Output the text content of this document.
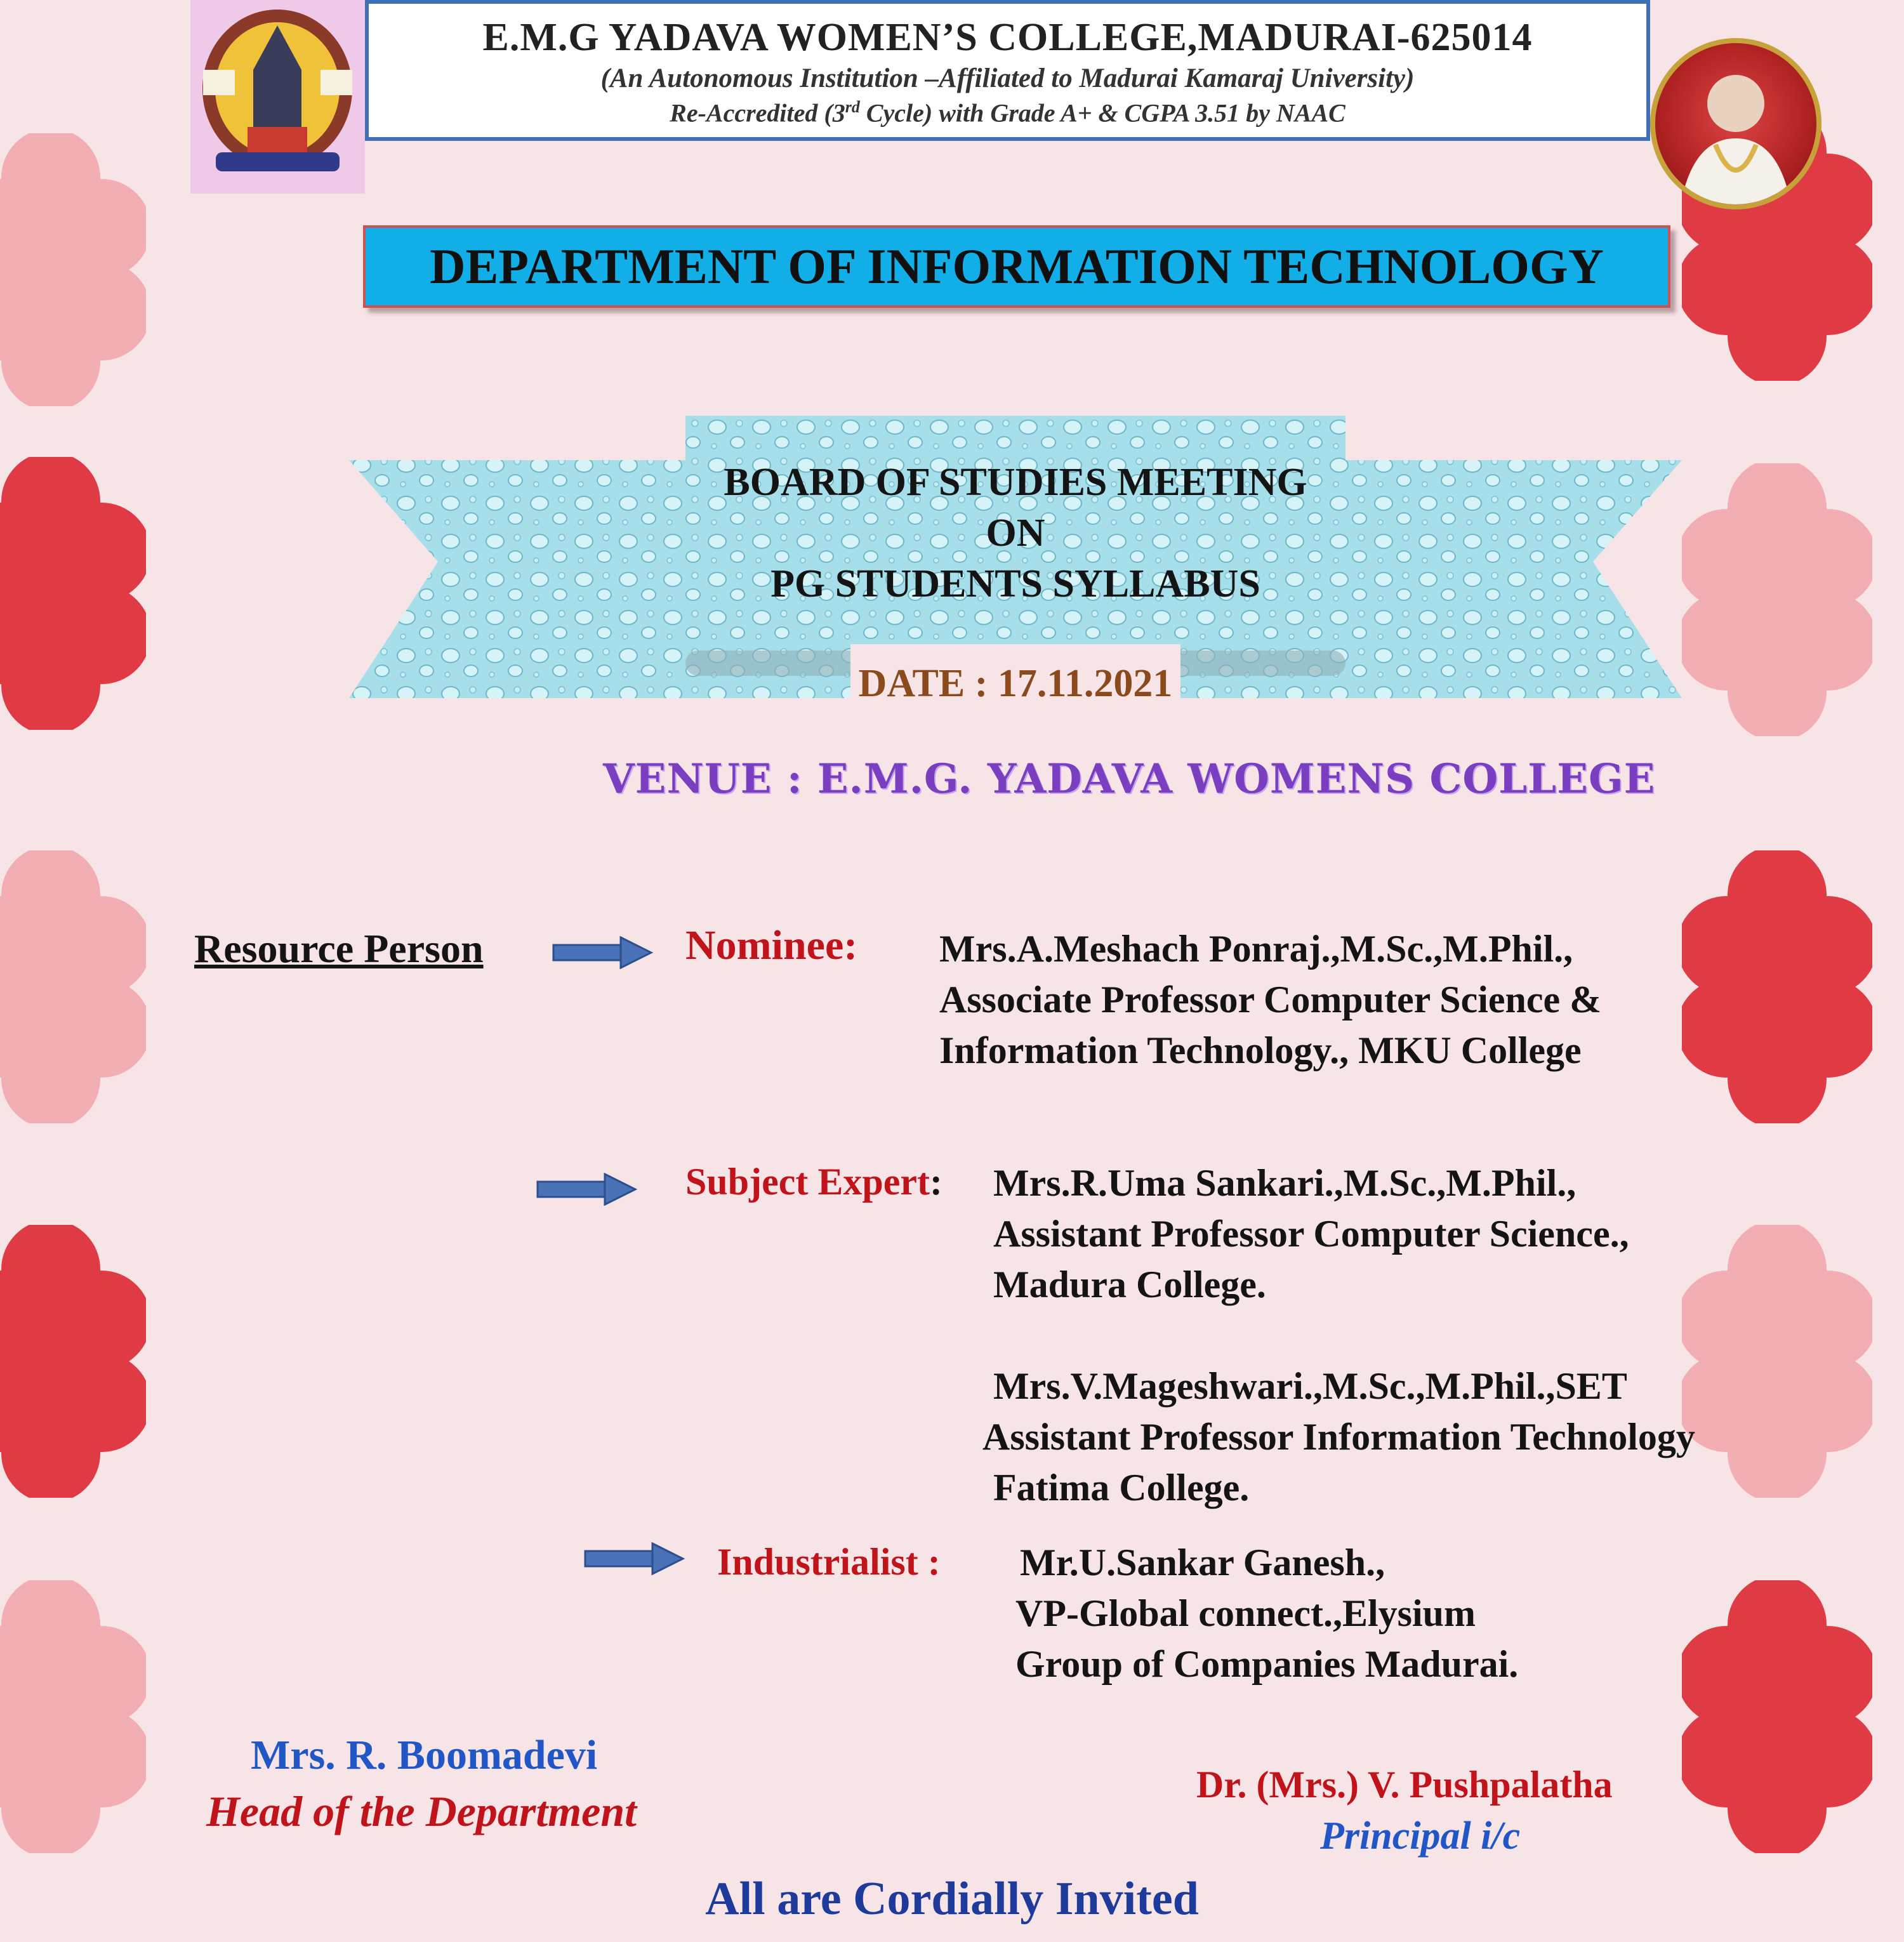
E.M.G YADAVA WOMEN’S COLLEGE,MADURAI-625014
(An Autonomous Institution –Affiliated to Madurai Kamaraj University)
Re-Accredited (3rd Cycle) with Grade A+ & CGPA 3.51 by NAAC
DEPARTMENT OF INFORMATION TECHNOLOGY
BOARD OF STUDIES MEETING
ON
PG STUDENTS SYLLABUS
DATE : 17.11.2021
VENUE : E.M.G. YADAVA WOMENS COLLEGE
Resource Person	Nominee: Mrs.A.Meshach Ponraj.,M.Sc.,M.Phil.,
Associate Professor Computer Science &
Information Technology., MKU College
Subject Expert: Mrs.R.Uma Sankari.,M.Sc.,M.Phil.,
Assistant Professor Computer Science.,
Madura College.
Mrs.V.Mageshwari.,M.Sc.,M.Phil.,SET
Assistant Professor Information Technology
Fatima College.
Industrialist : Mr.U.Sankar Ganesh.,
VP-Global connect.,Elysium
Group of Companies Madurai.
Mrs. R. Boomadevi
Head of the Department
Dr. (Mrs.) V. Pushpalatha
Principal i/c
All are Cordially Invited
